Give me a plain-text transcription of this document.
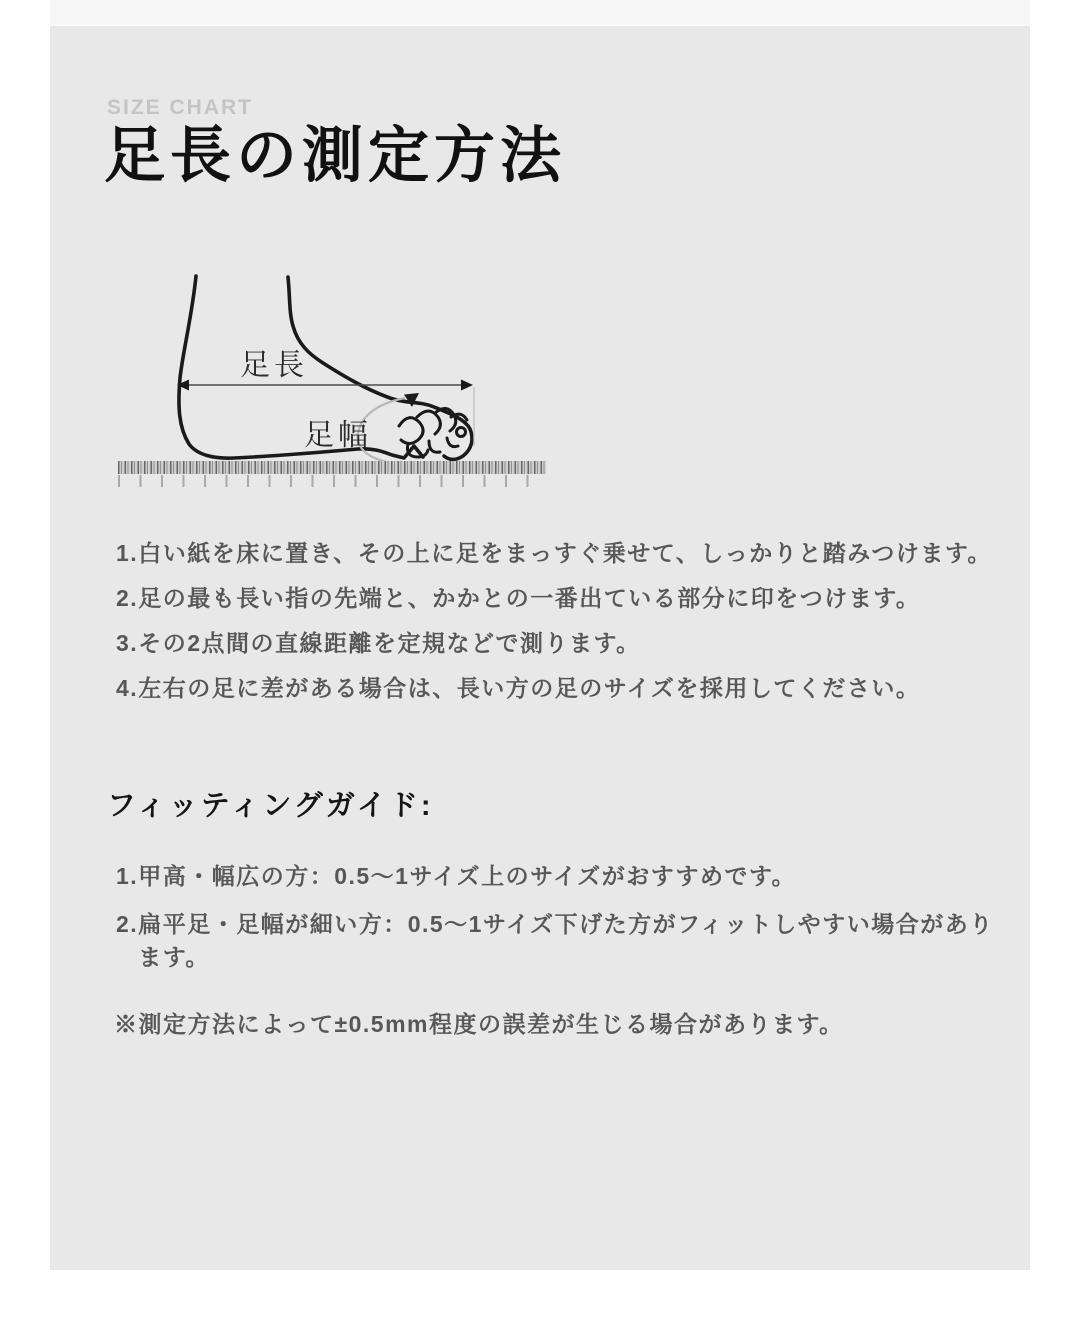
SIZE CHART
足長の測定方法
足長
足幅
1. 白い紙を床に置き、その上に足をまっすぐ乗せて、しっかりと踏みつけます。
2. 足の最も長い指の先端と、かかとの一番出ている部分に印をつけます。
3. その2点間の直線距離を定規などで測ります。
4. 左右の足に差がある場合は、長い方の足のサイズを採用してください。
フィッティングガイド:
1. 甲高・幅広の方：0.5～1サイズ上のサイズがおすすめです。
2. 扁平足・足幅が細い方：0.5～1サイズ下げた方がフィットしやすい場合があります。
※測定方法によって±0.5mm程度の誤差が生じる場合があります。
